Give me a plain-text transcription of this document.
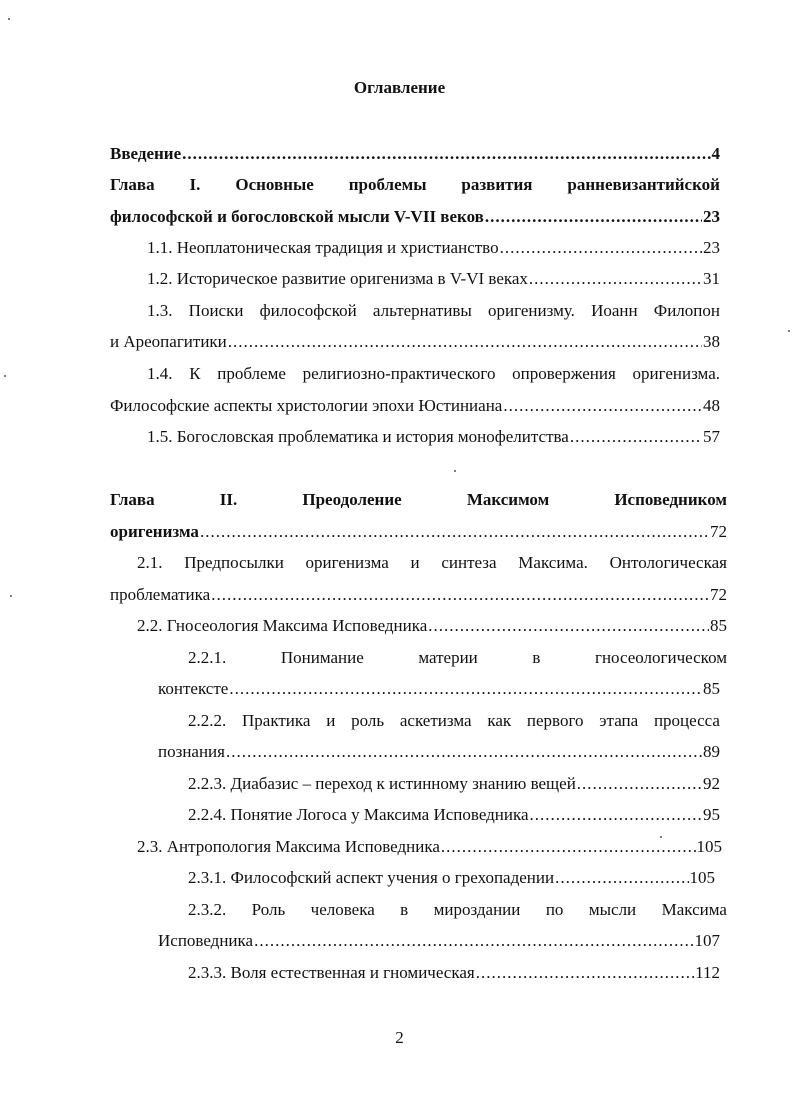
Оглавление
Введение .....	4
Глава I. Основные проблемы развития ранневизантийской
философской и богословской мысли V-VII веков .....	23
1.1. Неоплатоническая традиция и христианство .....	23
1.2. Историческое развитие оригенизма в V-VI веках .....	31
1.3. Поиски философской альтернативы оригенизму. Иоанн Филопон
и Ареопагитики .....	38
1.4. К проблеме религиозно-практического опровержения оригенизма.
Философские аспекты христологии эпохи Юстиниана .....	48
1.5. Богословская проблематика и история монофелитства .....	57
Глава	II.	Преодоление	Максимом	Исповедником
оригенизма .....	72
2.1. Предпосылки оригенизма и синтеза Максима. Онтологическая
проблематика .....	72
2.2. Гносеология Максима Исповедника .....	85
2.2.1.	Понимание	материи	в	гносеологическом
контексте .....	85
2.2.2. Практика и роль аскетизма как первого этапа процесса
познания .....	89
2.2.3. Диабазис – переход к истинному знанию вещей .....	92
2.2.4. Понятие Логоса у Максима Исповедника .....	95
2.3. Антропология Максима Исповедника .....	105
2.3.1. Философский аспект учения о грехопадении .....	105
2.3.2. Роль человека в мироздании по мысли Максима
Исповедника .....	107
2.3.3. Воля естественная и гномическая .....	112
2
